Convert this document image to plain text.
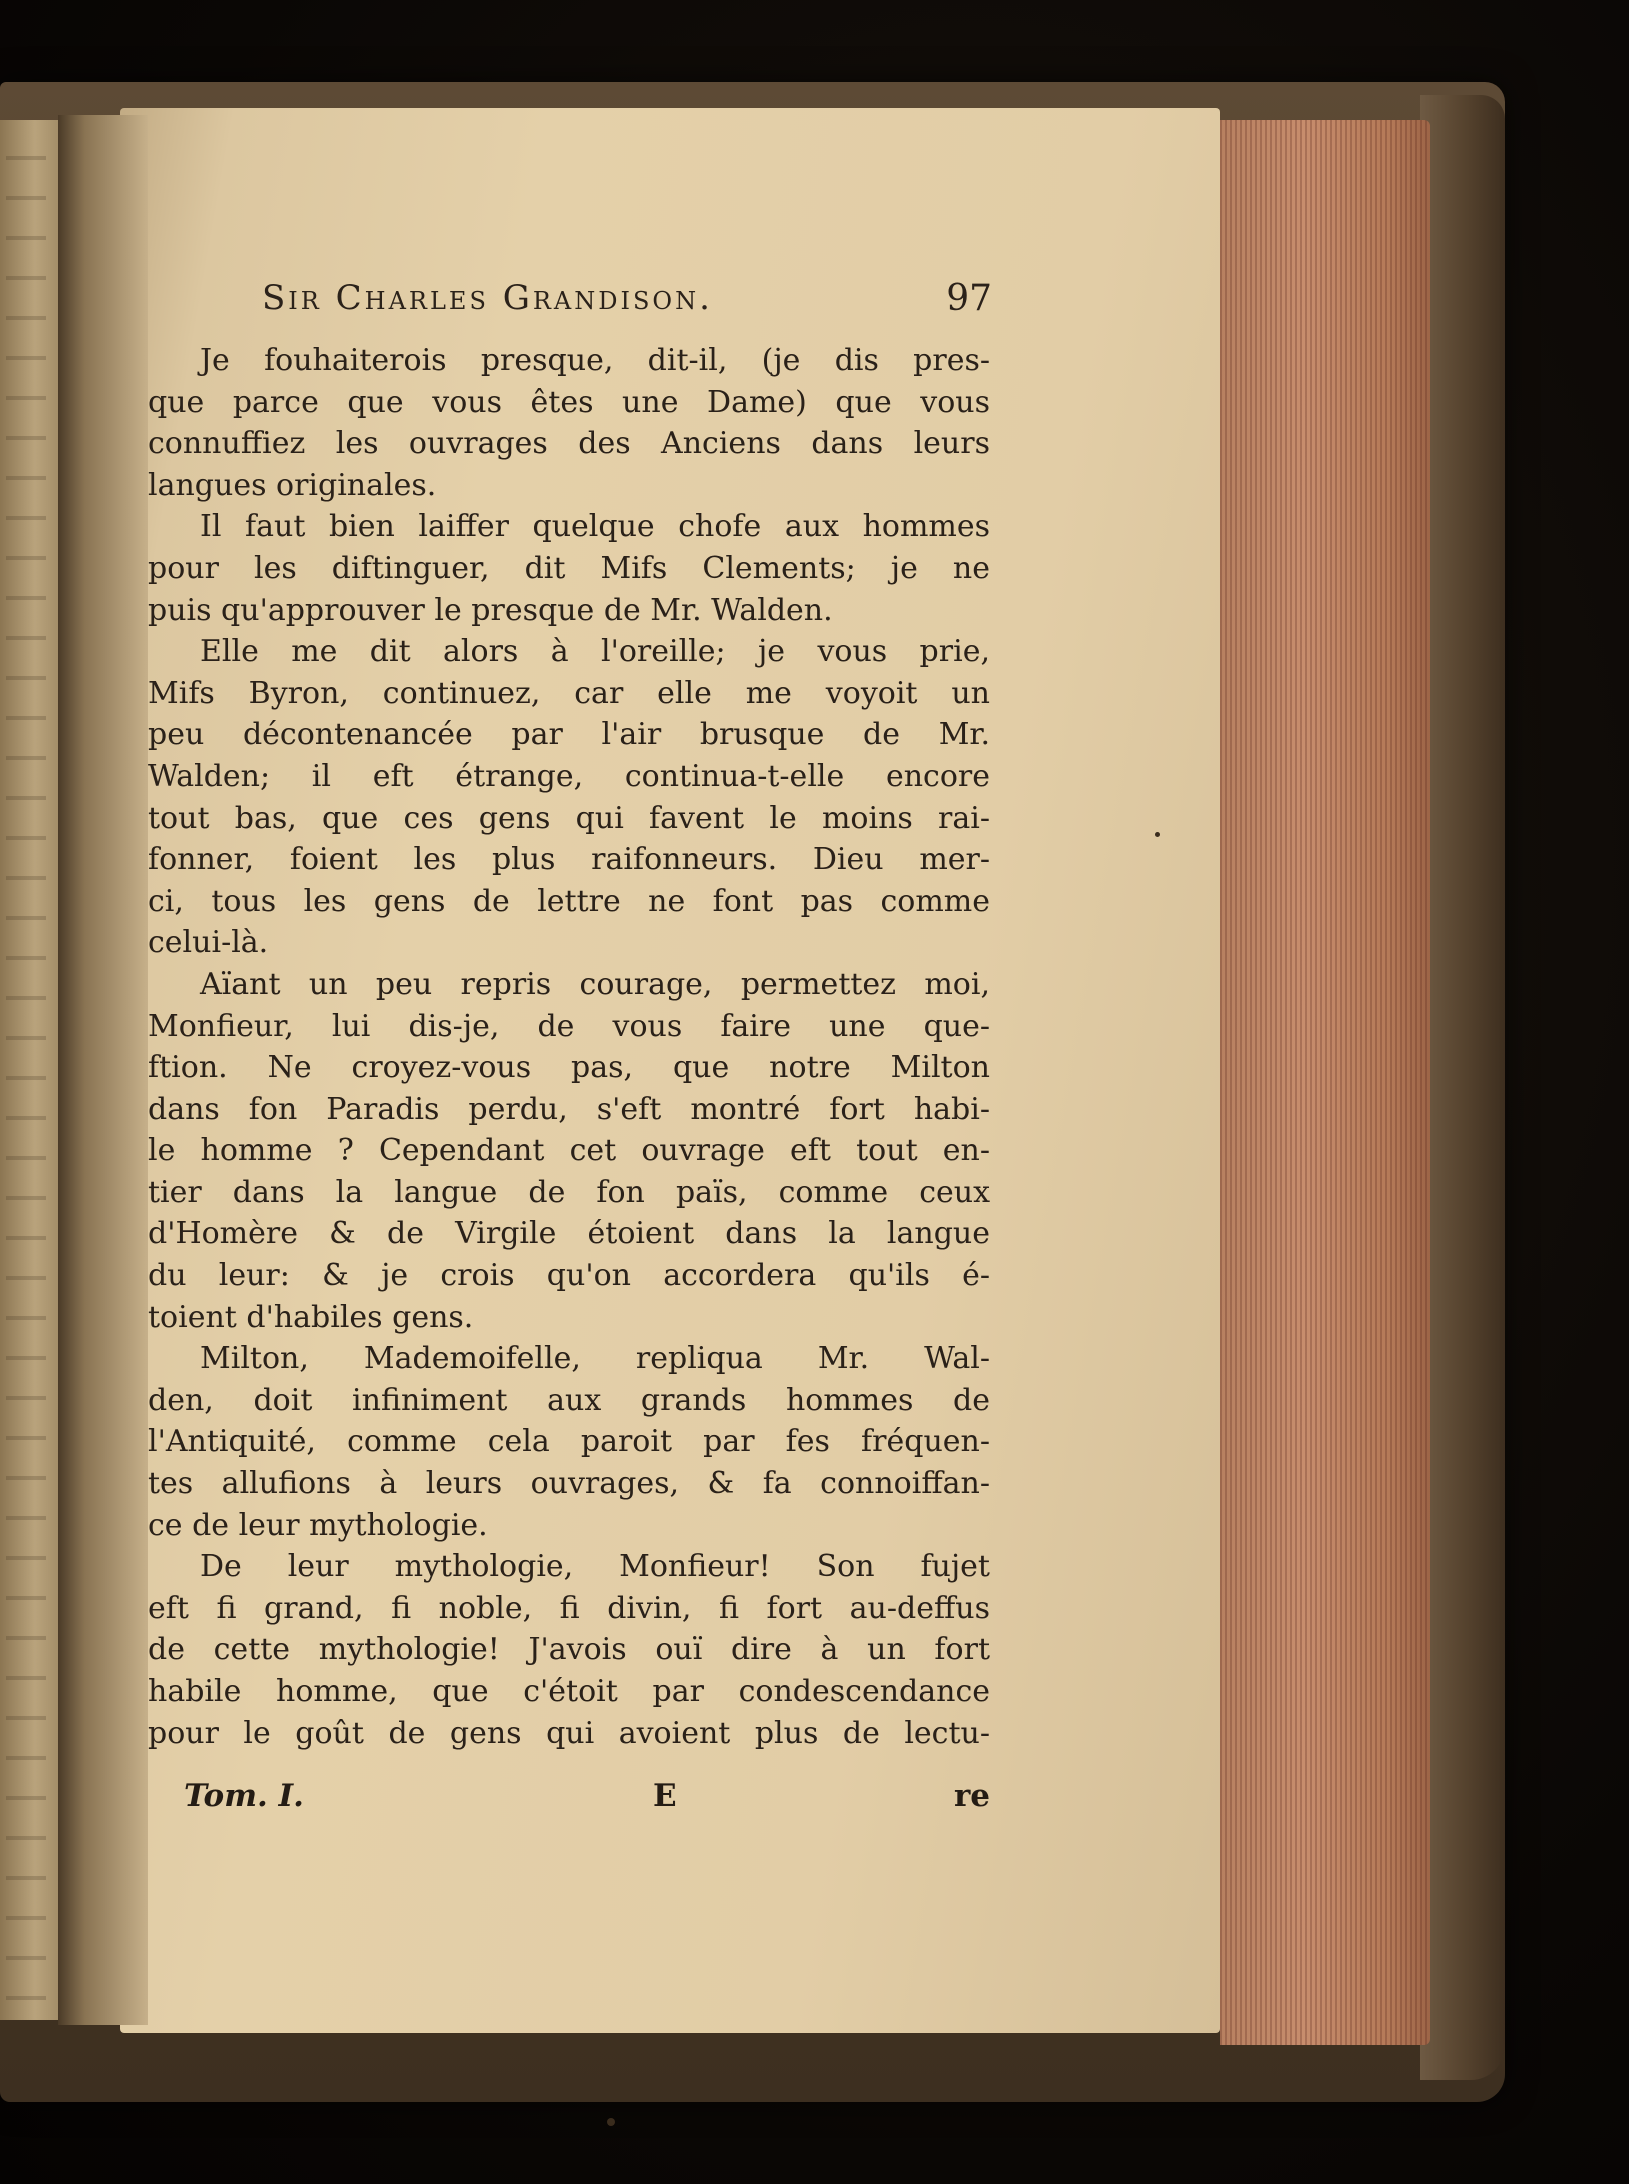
Sir Charles Grandison.	97
Je fouhaiterois presque, dit-il, (je dis pres-
que parce que vous êtes une Dame) que vous
connuffiez les ouvrages des Anciens dans leurs
langues originales.
Il faut bien laiffer quelque chofe aux hommes
pour les diftinguer, dit Mifs Clements; je ne
puis qu'approuver le presque de Mr. Walden.
Elle me dit alors à l'oreille; je vous prie,
Mifs Byron, continuez, car elle me voyoit un
peu décontenancée par l'air brusque de Mr.
Walden; il eft étrange, continua-t-elle encore
tout bas, que ces gens qui favent le moins rai-
fonner, foient les plus raifonneurs. Dieu mer-
ci, tous les gens de lettre ne font pas comme
celui-là.
Aïant un peu repris courage, permettez moi,
Monfieur, lui dis-je, de vous faire une que-
ftion. Ne croyez-vous pas, que notre Milton
dans fon Paradis perdu, s'eft montré fort habi-
le homme ? Cependant cet ouvrage eft tout en-
tier dans la langue de fon païs, comme ceux
d'Homère & de Virgile étoient dans la langue
du leur: & je crois qu'on accordera qu'ils é-
toient d'habiles gens.
Milton, Mademoifelle, repliqua Mr. Wal-
den, doit infiniment aux grands hommes de
l'Antiquité, comme cela paroit par fes fréquen-
tes allufions à leurs ouvrages, & fa connoiffan-
ce de leur mythologie.
De leur mythologie, Monfieur! Son fujet
eft fi grand, fi noble, fi divin, fi fort au-deffus
de cette mythologie! J'avois ouï dire à un fort
habile homme, que c'étoit par condescendance
pour le goût de gens qui avoient plus de lectu-
Tom. I.	E	re
